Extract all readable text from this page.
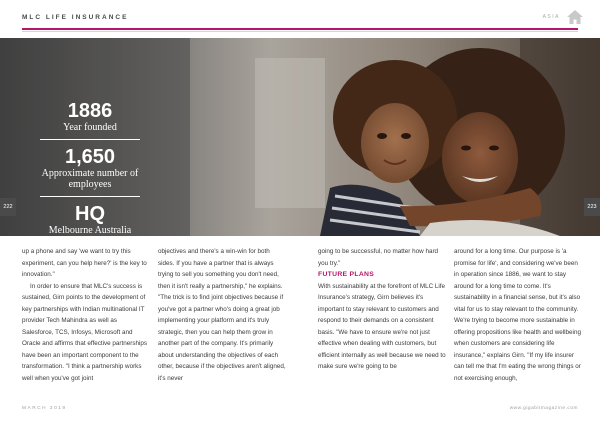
MLC LIFE INSURANCE	ASIA
1886
Year founded
1,650
Approximate number of employees
HQ
Melbourne Australia
222	223

up a phone and say 'we want to try this experiment, can you help here?' is the key to innovation."

In order to ensure that MLC's success is sustained, Girn points to the development of key partnerships with Indian multinational IT provider Tech Mahindra as well as Salesforce, TCS, Infosys, Microsoft and Oracle and affirms that effective partnerships have been an important component to the transformation. "I think a partnership works well when you've got joint

objectives and there's a win-win for both sides. If you have a partner that is always trying to sell you something you don't need, then it isn't really a partnership," he explains. "The trick is to find joint objectives because if you've got a partner who's doing a great job implementing your platform and it's truly strategic, then you can help them grow in another part of the company. It's primarily about understanding the objectives of each other, because if the objectives aren't aligned, it's never

going to be successful, no matter how hard you try."

FUTURE PLANS

With sustainability at the forefront of MLC Life Insurance's strategy, Girn believes it's important to stay relevant to customers and respond to their demands on a consistent basis. "We have to ensure we're not just effective when dealing with customers, but efficient internally as well because we need to make sure we're going to be

around for a long time. Our purpose is 'a promise for life', and considering we've been in operation since 1886, we want to stay around for a long time to come. It's sustainability in a financial sense, but it's also vital for us to stay relevant to the community. We're trying to become more sustainable in offering propositions like health and wellbeing when customers are considering life insurance," explains Girn. "If my life insurer can tell me that I'm eating the wrong things or not exercising enough,

MARCH 2019	www.gigabitmagazine.com
